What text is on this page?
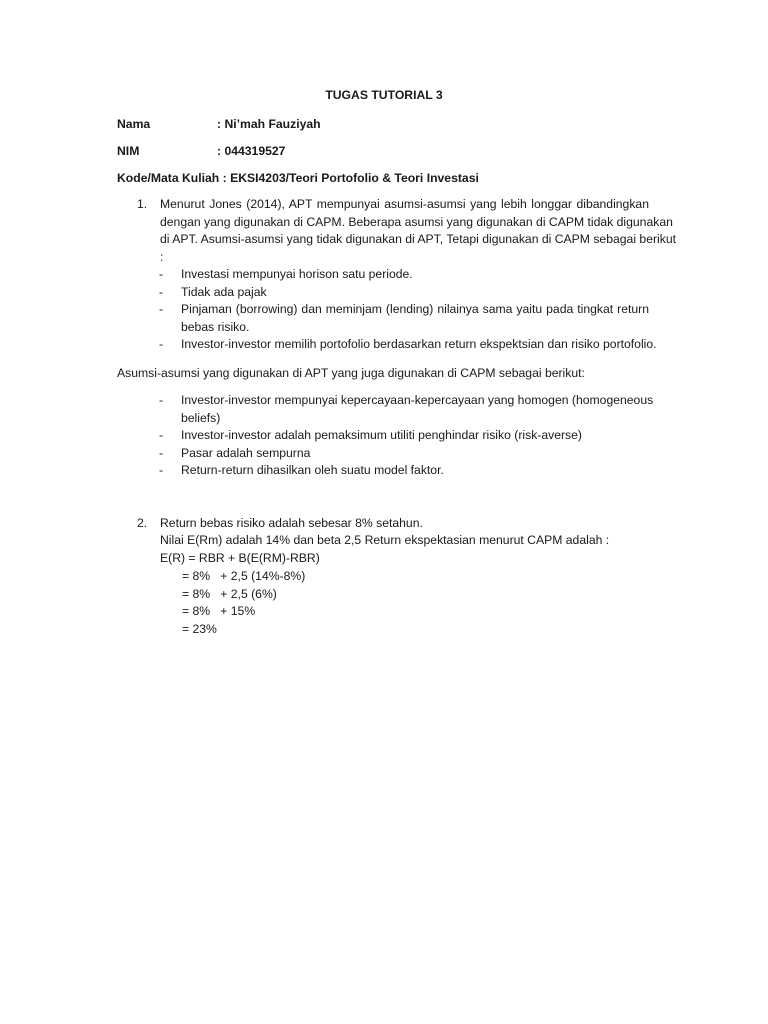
TUGAS TUTORIAL 3
Nama	: Ni’mah Fauziyah
NIM	: 044319527
Kode/Mata Kuliah : EKSI4203/Teori Portofolio & Teori Investasi
1. Menurut Jones (2014), APT mempunyai asumsi-asumsi yang lebih longgar dibandingkan
dengan yang digunakan di CAPM. Beberapa asumsi yang digunakan di CAPM tidak digunakan
di APT. Asumsi-asumsi yang tidak digunakan di APT, Tetapi digunakan di CAPM sebagai berikut
:
- Investasi mempunyai horison satu periode.
- Tidak ada pajak
- Pinjaman (borrowing) dan meminjam (lending) nilainya sama yaitu pada tingkat return
bebas risiko.
- Investor-investor memilih portofolio berdasarkan return ekspektsian dan risiko portofolio.
Asumsi-asumsi yang digunakan di APT yang juga digunakan di CAPM sebagai berikut:
- Investor-investor mempunyai kepercayaan-kepercayaan yang homogen (homogeneous
beliefs)
- Investor-investor adalah pemaksimum utiliti penghindar risiko (risk-averse)
- Pasar adalah sempurna
- Return-return dihasilkan oleh suatu model faktor.
2. Return bebas risiko adalah sebesar 8% setahun.
Nilai E(Rm) adalah 14% dan beta 2,5 Return ekspektasian menurut CAPM adalah :
E(R) = RBR + B(E(RM)-RBR)
= 8%   + 2,5 (14%-8%)
= 8%   + 2,5 (6%)
= 8%   + 15%
= 23%
